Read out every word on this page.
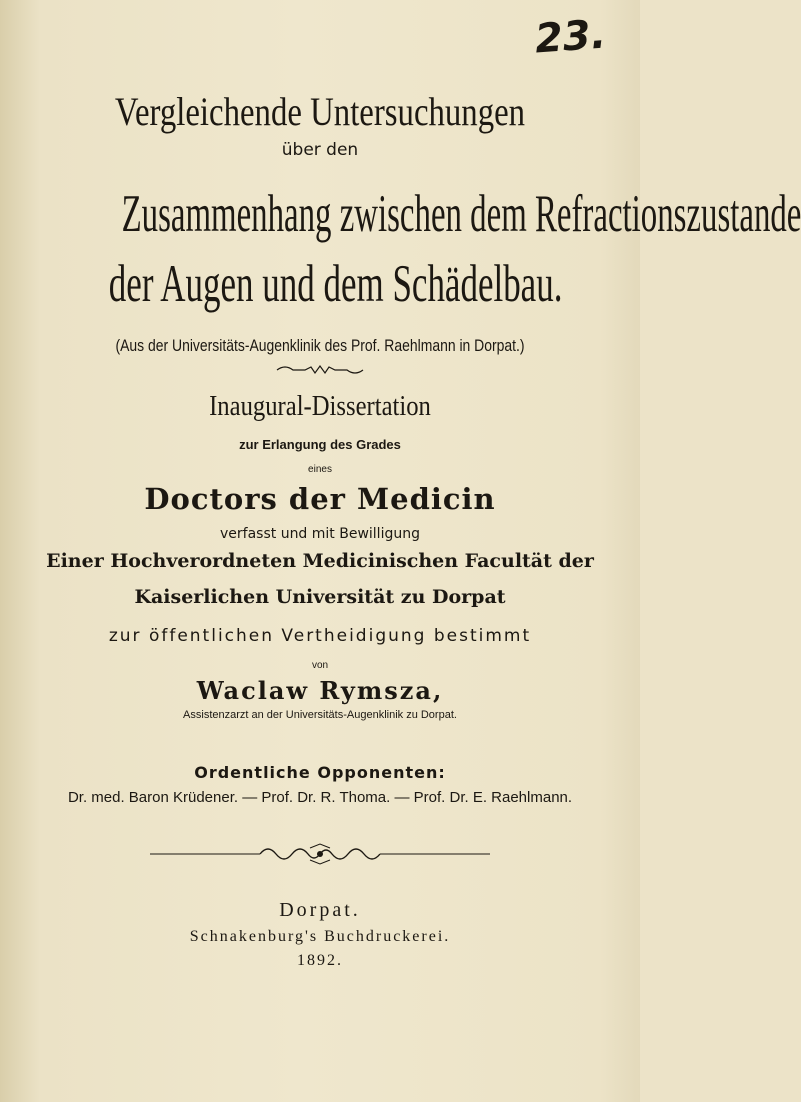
23.
Vergleichende Untersuchungen
über den
Zusammenhang zwischen dem Refractionszustande
der Augen und dem Schädelbau.
(Aus der Universitäts-Augenklinik des Prof. Raehlmann in Dorpat.)
Inaugural-Dissertation
zur Erlangung des Grades
eines
Doctors der Medicin
verfasst und mit Bewilligung
Einer Hochverordneten Medicinischen Facultät der
Kaiserlichen Universität zu Dorpat
zur öffentlichen Vertheidigung bestimmt
von
Waclaw Rymsza,
Assistenzarzt an der Universitäts-Augenklinik zu Dorpat.
Ordentliche Opponenten:
Dr. med. Baron Krüdener. — Prof. Dr. R. Thoma. — Prof. Dr. E. Raehlmann.
Dorpat.
Schnakenburg's Buchdruckerei.
1892.
